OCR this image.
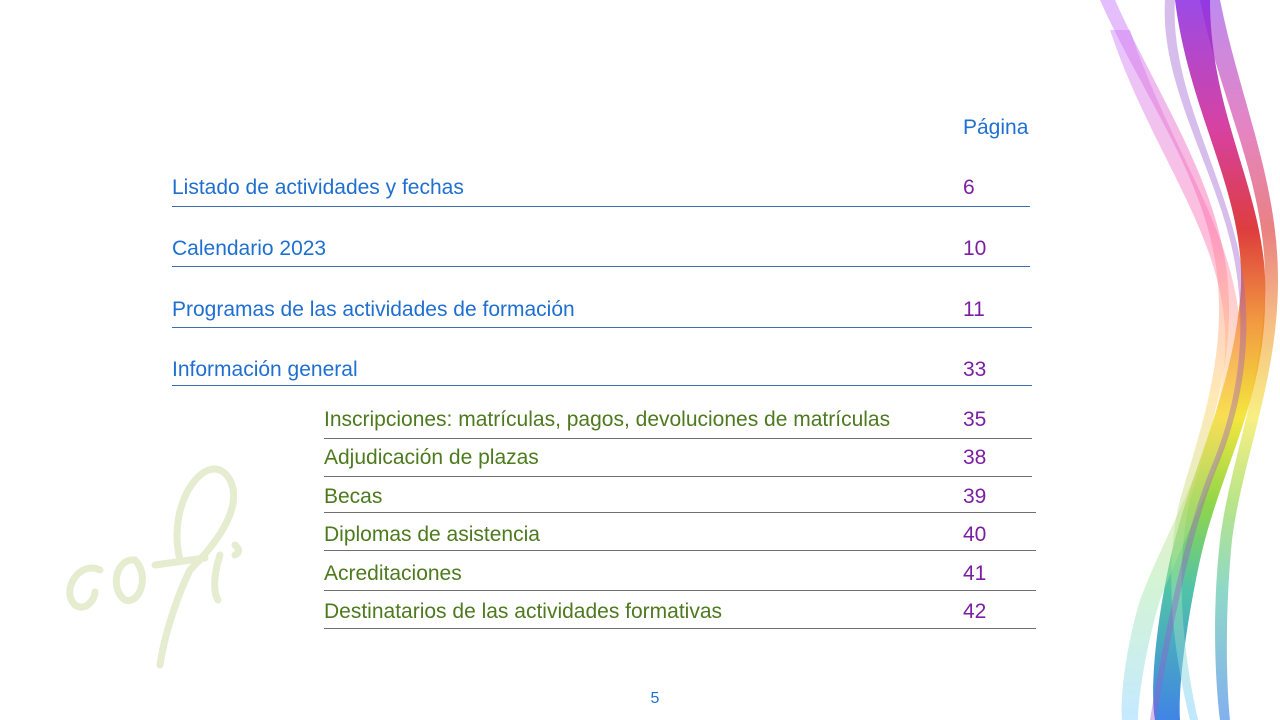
Página
Listado de actividades y fechas	6
Calendario 2023	10
Programas de las actividades de formación	11
Información general	33
Inscripciones: matrículas, pagos, devoluciones de matrículas	35
Adjudicación de plazas	38
Becas	39
Diplomas de asistencia	40
Acreditaciones	41
Destinatarios de las actividades formativas	42
5
